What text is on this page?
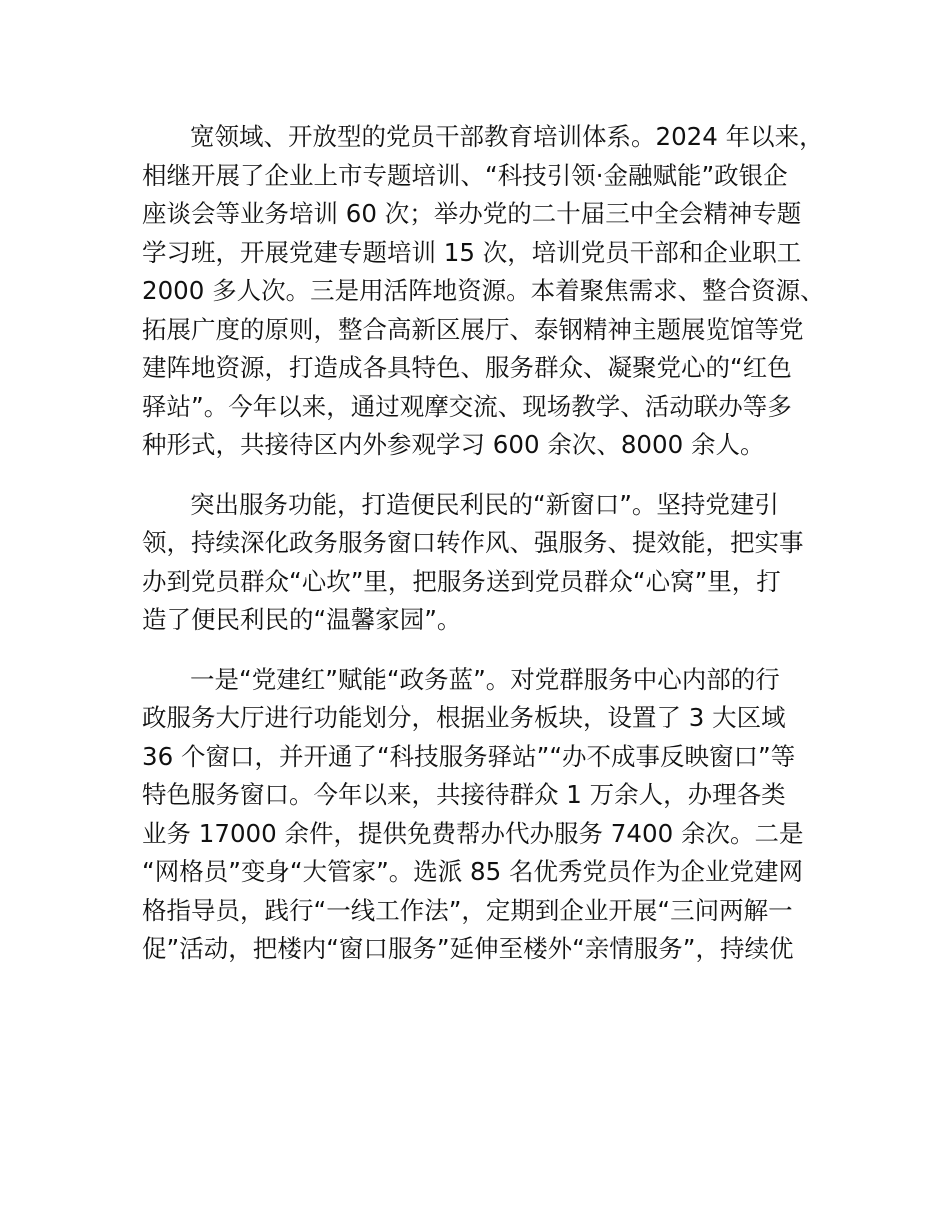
宽领域、开放型的党员干部教育培训体系。2024 年以来，
相继开展了企业上市专题培训、“科技引领·金融赋能”政银企
座谈会等业务培训 60 次；举办党的二十届三中全会精神专题
学习班，开展党建专题培训 15 次，培训党员干部和企业职工
2000 多人次。三是用活阵地资源。本着聚焦需求、整合资源、
拓展广度的原则，整合高新区展厅、泰钢精神主题展览馆等党
建阵地资源，打造成各具特色、服务群众、凝聚党心的“红色
驿站”。今年以来，通过观摩交流、现场教学、活动联办等多
种形式，共接待区内外参观学习 600 余次、8000 余人。
突出服务功能，打造便民利民的“新窗口”。坚持党建引
领，持续深化政务服务窗口转作风、强服务、提效能，把实事
办到党员群众“心坎”里，把服务送到党员群众“心窝”里，打
造了便民利民的“温馨家园”。
一是“党建红”赋能“政务蓝”。对党群服务中心内部的行
政服务大厅进行功能划分，根据业务板块，设置了 3 大区域
36 个窗口，并开通了“科技服务驿站”“办不成事反映窗口”等
特色服务窗口。今年以来，共接待群众 1 万余人，办理各类
业务 17000 余件，提供免费帮办代办服务 7400 余次。二是
“网格员”变身“大管家”。选派 85 名优秀党员作为企业党建网
格指导员，践行“一线工作法”，定期到企业开展“三问两解一
促”活动，把楼内“窗口服务”延伸至楼外“亲情服务”，持续优
